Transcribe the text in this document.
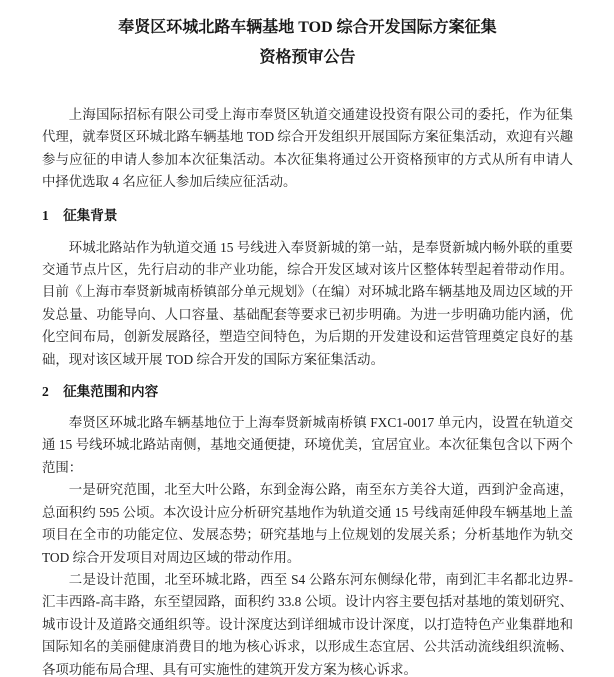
奉贤区环城北路车辆基地 TOD 综合开发国际方案征集
资格预审公告

上海国际招标有限公司受上海市奉贤区轨道交通建设投资有限公司的委托，作为征集代理，就奉贤区环城北路车辆基地 TOD 综合开发组织开展国际方案征集活动，欢迎有兴趣参与应征的申请人参加本次征集活动。本次征集将通过公开资格预审的方式从所有申请人中择优选取 4 名应征人参加后续应征活动。

1 征集背景

环城北路站作为轨道交通 15 号线进入奉贤新城的第一站，是奉贤新城内畅外联的重要交通节点片区，先行启动的非产业功能，综合开发区域对该片区整体转型起着带动作用。目前《上海市奉贤新城南桥镇部分单元规划》（在编）对环城北路车辆基地及周边区域的开发总量、功能导向、人口容量、基础配套等要求已初步明确。为进一步明确功能内涵，优化空间布局，创新发展路径，塑造空间特色，为后期的开发建设和运营管理奠定良好的基础，现对该区域开展 TOD 综合开发的国际方案征集活动。

2 征集范围和内容

奉贤区环城北路车辆基地位于上海奉贤新城南桥镇 FXC1-0017 单元内，设置在轨道交通 15 号线环城北路站南侧，基地交通便捷，环境优美，宜居宜业。本次征集包含以下两个范围：

一是研究范围，北至大叶公路，东到金海公路，南至东方美谷大道，西到沪金高速，总面积约 595 公顷。本次设计应分析研究基地作为轨道交通 15 号线南延伸段车辆基地上盖项目在全市的功能定位、发展态势；研究基地与上位规划的发展关系；分析基地作为轨交 TOD 综合开发项目对周边区域的带动作用。

二是设计范围，北至环城北路，西至 S4 公路东河东侧绿化带，南到汇丰名都北边界-汇丰西路-高丰路，东至望园路，面积约 33.8 公顷。设计内容主要包括对基地的策划研究、城市设计及道路交通组织等。设计深度达到详细城市设计深度，以打造特色产业集群地和国际知名的美丽健康消费目的地为核心诉求，以形成生态宜居、公共活动流线组织流畅、各项功能布局合理、具有可实施性的建筑开发方案为核心诉求。
